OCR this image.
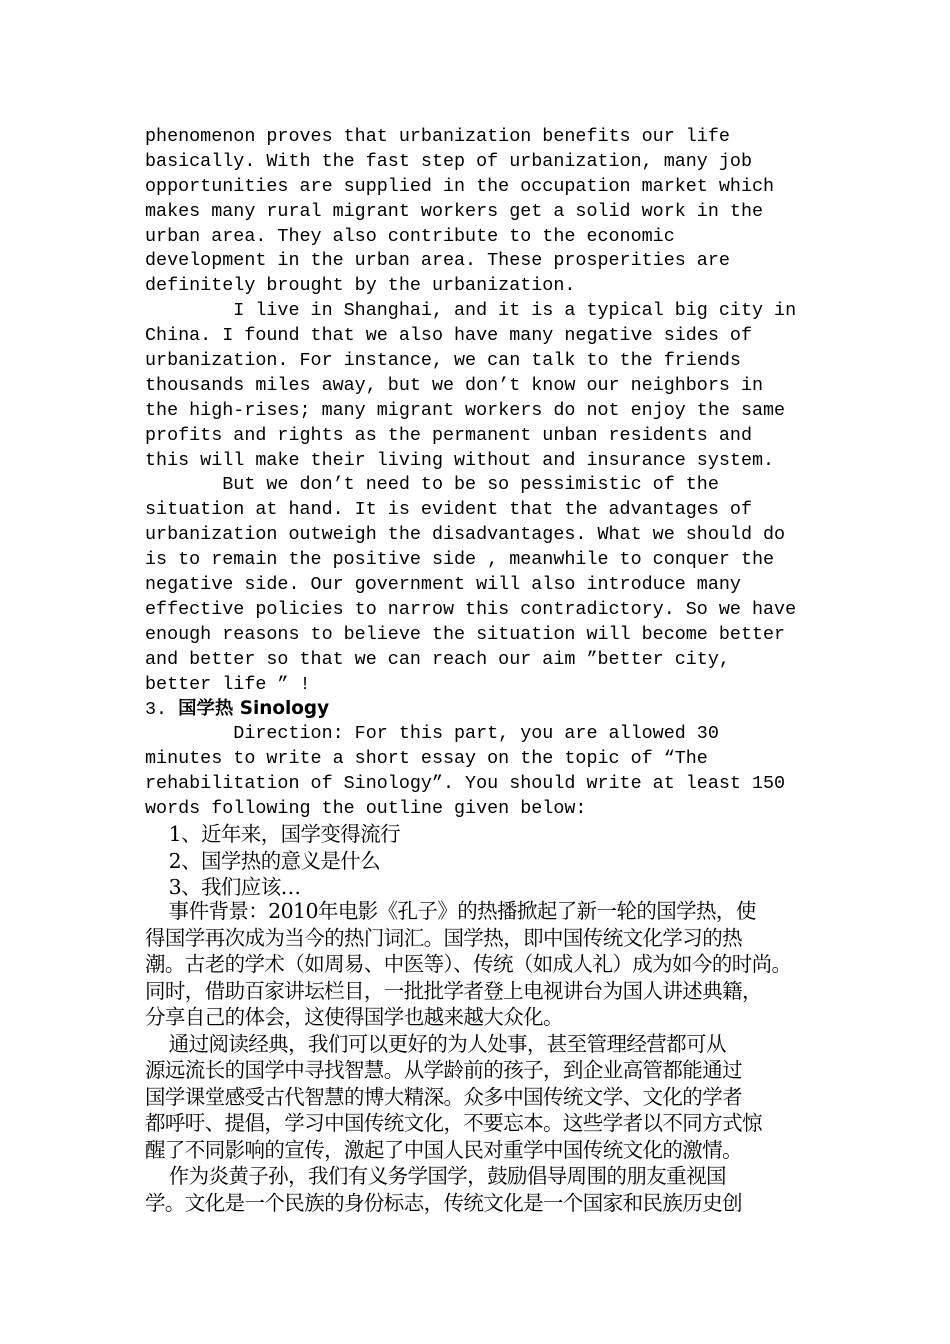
phenomenon proves that urbanization benefits our life
basically. With the fast step of urbanization, many job
opportunities are supplied in the occupation market which
makes many rural migrant workers get a solid work in the
urban area. They also contribute to the economic
development in the urban area. These prosperities are
definitely brought by the urbanization.
I live in Shanghai, and it is a typical big city in
China. I found that we also have many negative sides of
urbanization. For instance, we can talk to the friends
thousands miles away, but we don’t know our neighbors in
the high-rises; many migrant workers do not enjoy the same
profits and rights as the permanent unban residents and
this will make their living without and insurance system.
But we don’t need to be so pessimistic of the
situation at hand. It is evident that the advantages of
urbanization outweigh the disadvantages. What we should do
is to remain the positive side , meanwhile to conquer the
negative side. Our government will also introduce many
effective policies to narrow this contradictory. So we have
enough reasons to believe the situation will become better
and better so that we can reach our aim ”better city,
better life ” !
3. 国学热 Sinology
Direction: For this part, you are allowed 30
minutes to write a short essay on the topic of “The
rehabilitation of Sinology”. You should write at least 150
words following the outline given below:
1、近年来，国学变得流行
2、国学热的意义是什么
3、我们应该…
事件背景：2010年电影《孔子》的热播掀起了新一轮的国学热，使
得国学再次成为当今的热门词汇。国学热，即中国传统文化学习的热
潮。古老的学术（如周易、中医等）、传统（如成人礼）成为如今的时尚。
同时，借助百家讲坛栏目，一批批学者登上电视讲台为国人讲述典籍，
分享自己的体会，这使得国学也越来越大众化。
通过阅读经典，我们可以更好的为人处事，甚至管理经营都可从
源远流长的国学中寻找智慧。从学龄前的孩子，到企业高管都能通过
国学课堂感受古代智慧的博大精深。众多中国传统文学、文化的学者
都呼吁、提倡，学习中国传统文化，不要忘本。这些学者以不同方式惊
醒了不同影响的宣传，激起了中国人民对重学中国传统文化的激情。
作为炎黄子孙，我们有义务学国学，鼓励倡导周围的朋友重视国
学。文化是一个民族的身份标志，传统文化是一个国家和民族历史创
